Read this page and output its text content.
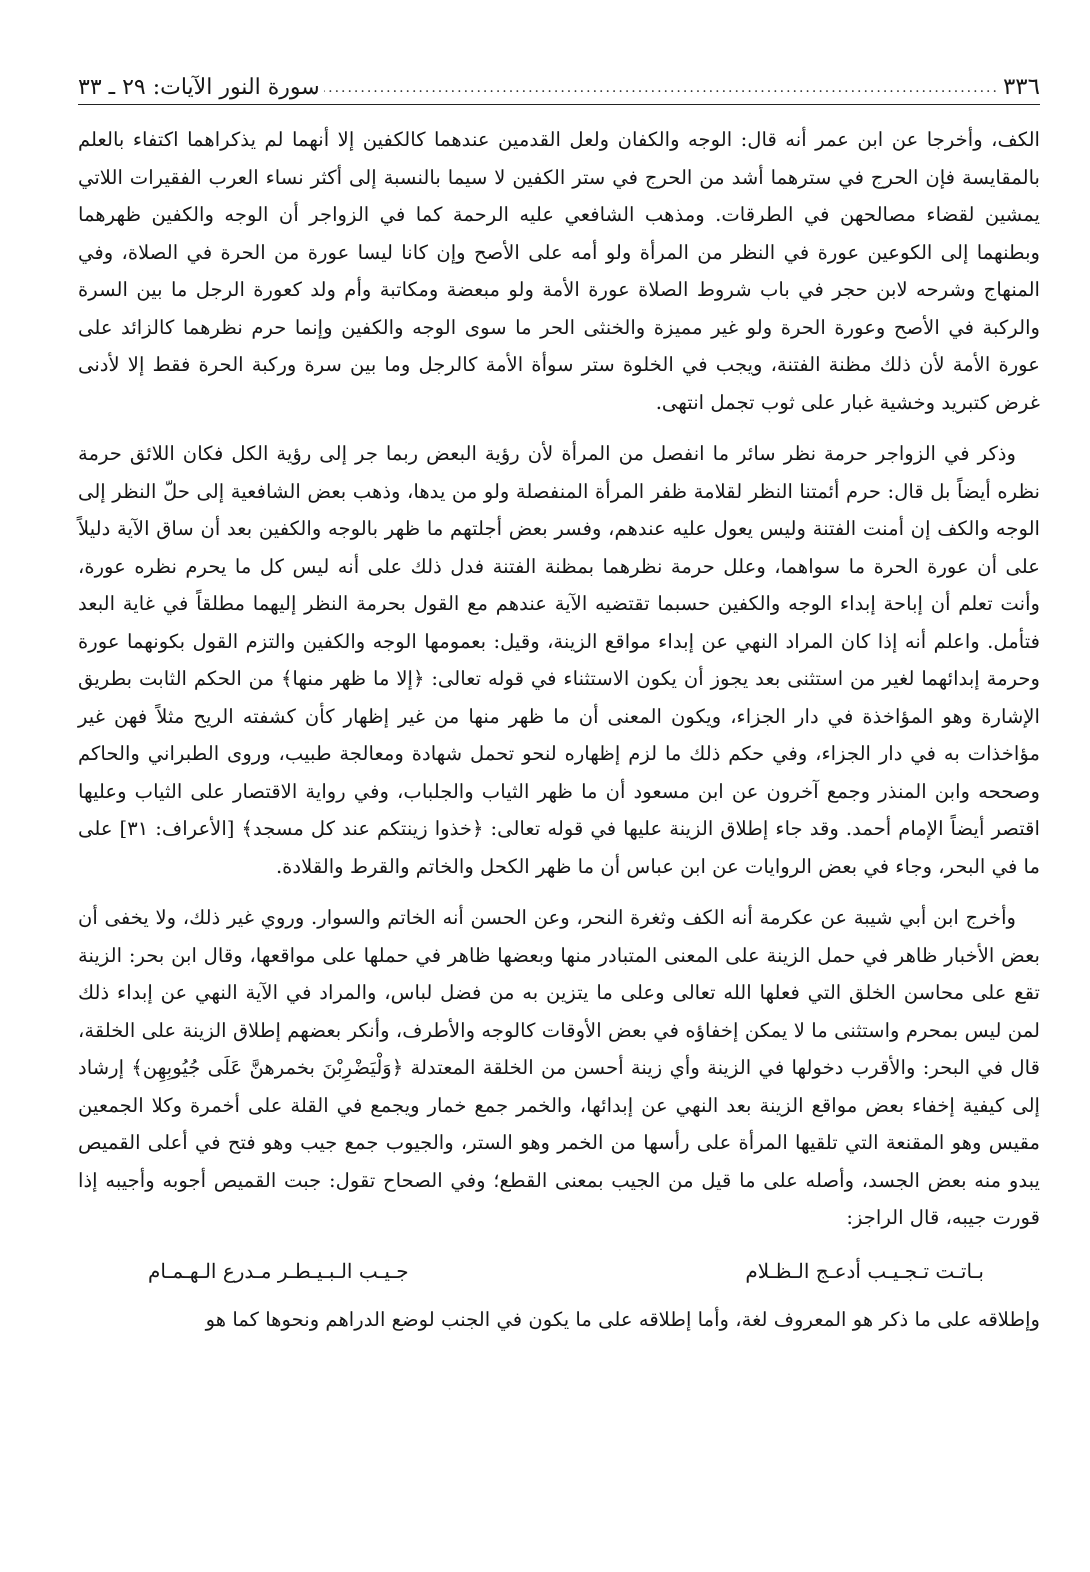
٣٣٦
.....
سورة النور الآيات: ٢٩ ـ ٣٣

الكف، وأخرجا عن ابن عمر أنه قال: الوجه والكفان ولعل القدمين عندهما كالكفين إلا أنهما لم يذكراهما اكتفاء بالعلم بالمقايسة فإن الحرج في سترهما أشد من الحرج في ستر الكفين لا سيما بالنسبة إلى أكثر نساء العرب الفقيرات اللاتي يمشين لقضاء مصالحهن في الطرقات. ومذهب الشافعي عليه الرحمة كما في الزواجر أن الوجه والكفين ظهرهما وبطنهما إلى الكوعين عورة في النظر من المرأة ولو أمه على الأصح وإن كانا ليسا عورة من الحرة في الصلاة، وفي المنهاج وشرحه لابن حجر في باب شروط الصلاة عورة الأمة ولو مبعضة ومكاتبة وأم ولد كعورة الرجل ما بين السرة والركبة في الأصح وعورة الحرة ولو غير مميزة والخنثى الحر ما سوى الوجه والكفين وإنما حرم نظرهما كالزائد على عورة الأمة لأن ذلك مظنة الفتنة، ويجب في الخلوة ستر سوأة الأمة كالرجل وما بين سرة وركبة الحرة فقط إلا لأدنى غرض كتبريد وخشية غبار على ثوب تجمل انتهى.

وذكر في الزواجر حرمة نظر سائر ما انفصل من المرأة لأن رؤية البعض ربما جر إلى رؤية الكل فكان اللائق حرمة نظره أيضاً بل قال: حرم أئمتنا النظر لقلامة ظفر المرأة المنفصلة ولو من يدها، وذهب بعض الشافعية إلى حلّ النظر إلى الوجه والكف إن أمنت الفتنة وليس يعول عليه عندهم، وفسر بعض أجلتهم ما ظهر بالوجه والكفين بعد أن ساق الآية دليلاً على أن عورة الحرة ما سواهما، وعلل حرمة نظرهما بمظنة الفتنة فدل ذلك على أنه ليس كل ما يحرم نظره عورة، وأنت تعلم أن إباحة إبداء الوجه والكفين حسبما تقتضيه الآية عندهم مع القول بحرمة النظر إليهما مطلقاً في غاية البعد فتأمل. واعلم أنه إذا كان المراد النهي عن إبداء مواقع الزينة، وقيل: بعمومها الوجه والكفين والتزم القول بكونهما عورة وحرمة إبدائهما لغير من استثنى بعد يجوز أن يكون الاستثناء في قوله تعالى: ﴿إلا ما ظهر منها﴾ من الحكم الثابت بطريق الإشارة وهو المؤاخذة في دار الجزاء، ويكون المعنى أن ما ظهر منها من غير إظهار كأن كشفته الريح مثلاً فهن غير مؤاخذات به في دار الجزاء، وفي حكم ذلك ما لزم إظهاره لنحو تحمل شهادة ومعالجة طبيب، وروى الطبراني والحاكم وصححه وابن المنذر وجمع آخرون عن ابن مسعود أن ما ظهر الثياب والجلباب، وفي رواية الاقتصار على الثياب وعليها اقتصر أيضاً الإمام أحمد. وقد جاء إطلاق الزينة عليها في قوله تعالى: ﴿خذوا زينتكم عند كل مسجد﴾ [الأعراف: ٣١] على ما في البحر، وجاء في بعض الروايات عن ابن عباس أن ما ظهر الكحل والخاتم والقرط والقلادة.

وأخرج ابن أبي شيبة عن عكرمة أنه الكف وثغرة النحر، وعن الحسن أنه الخاتم والسوار. وروي غير ذلك، ولا يخفى أن بعض الأخبار ظاهر في حمل الزينة على المعنى المتبادر منها وبعضها ظاهر في حملها على مواقعها، وقال ابن بحر: الزينة تقع على محاسن الخلق التي فعلها الله تعالى وعلى ما يتزين به من فضل لباس، والمراد في الآية النهي عن إبداء ذلك لمن ليس بمحرم واستثنى ما لا يمكن إخفاؤه في بعض الأوقات كالوجه والأطرف، وأنكر بعضهم إطلاق الزينة على الخلقة، قال في البحر: والأقرب دخولها في الزينة وأي زينة أحسن من الخلقة المعتدلة ﴿وَلْيَضْرِبْنَ بخمرهنَّ عَلَى جُيُوبِهِن﴾ إرشاد إلى كيفية إخفاء بعض مواقع الزينة بعد النهي عن إبدائها، والخمر جمع خمار ويجمع في القلة على أخمرة وكلا الجمعين مقيس وهو المقنعة التي تلقيها المرأة على رأسها من الخمر وهو الستر، والجيوب جمع جيب وهو فتح في أعلى القميص يبدو منه بعض الجسد، وأصله على ما قيل من الجيب بمعنى القطع؛ وفي الصحاح تقول: جبت القميص أجوبه وأجيبه إذا قورت جيبه، قال الراجز:

بـاتـت تـجـيـب أدعـج الـظـلام
جـيـب الـبـيـطـر مـدرع الـهـمـام

وإطلاقه على ما ذكر هو المعروف لغة، وأما إطلاقه على ما يكون في الجنب لوضع الدراهم ونحوها كما هو
